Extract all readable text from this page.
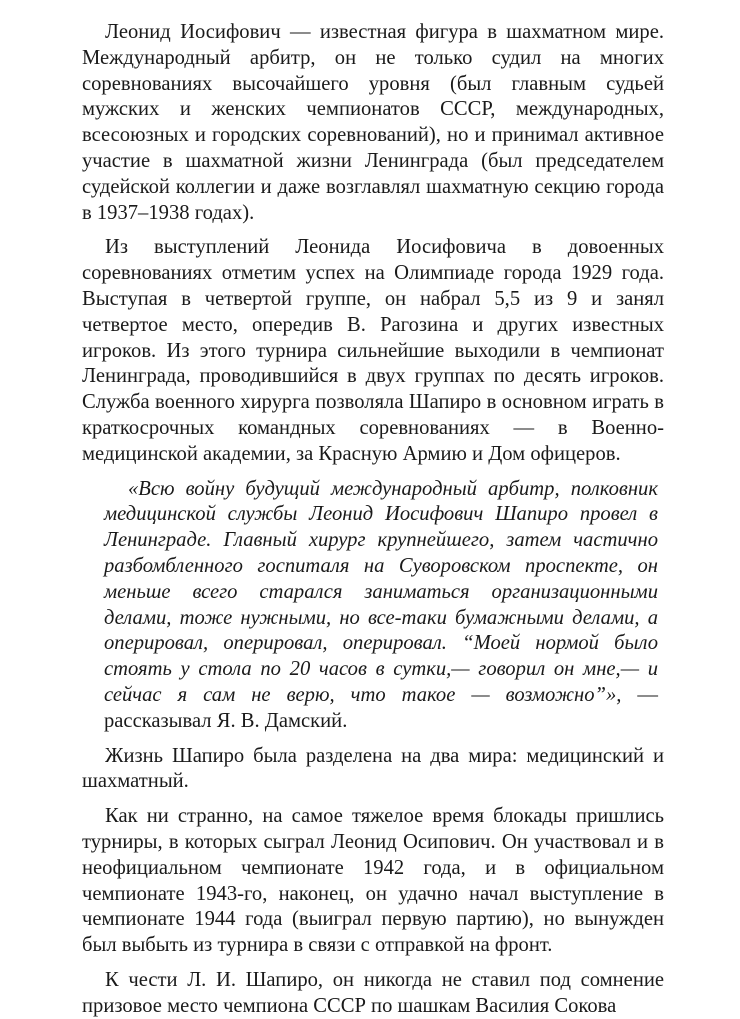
Леонид Иосифович — известная фигура в шахматном мире. Международный арбитр, он не только судил на многих соревнованиях высочайшего уровня (был главным судьей мужских и женских чемпионатов СССР, международных, всесоюзных и городских соревнований), но и принимал активное участие в шахматной жизни Ленинграда (был председателем судейской коллегии и даже возглавлял шахматную секцию города в 1937–1938 годах).

Из выступлений Леонида Иосифовича в довоенных соревнованиях отметим успех на Олимпиаде города 1929 года. Выступая в четвертой группе, он набрал 5,5 из 9 и занял четвертое место, опередив В. Рагозина и других известных игроков. Из этого турнира сильнейшие выходили в чемпионат Ленинграда, проводившийся в двух группах по десять игроков. Служба военного хирурга позволяла Шапиро в основном играть в краткосрочных командных соревнованиях — в Военно-медицинской академии, за Красную Армию и Дом офицеров.

«Всю войну будущий международный арбитр, полковник медицинской службы Леонид Иосифович Шапиро провел в Ленинграде. Главный хирург крупнейшего, затем частично разбомбленного госпиталя на Суворовском проспекте, он меньше всего старался заниматься организационными делами, тоже нужными, но все-таки бумажными делами, а оперировал, оперировал, оперировал. “Моей нормой было стоять у стола по 20 часов в сутки,— говорил он мне,— и сейчас я сам не верю, что такое — возможно”», — рассказывал Я. В. Дамский.

Жизнь Шапиро была разделена на два мира: медицинский и шахматный.

Как ни странно, на самое тяжелое время блокады пришлись турниры, в которых сыграл Леонид Осипович. Он участвовал и в неофициальном чемпионате 1942 года, и в официальном чемпионате 1943-го, наконец, он удачно начал выступление в чемпионате 1944 года (выиграл первую партию), но вынужден был выбыть из турнира в связи с отправкой на фронт.

К чести Л. И. Шапиро, он никогда не ставил под сомнение призовое место чемпиона СССР по шашкам Василия Сокова
